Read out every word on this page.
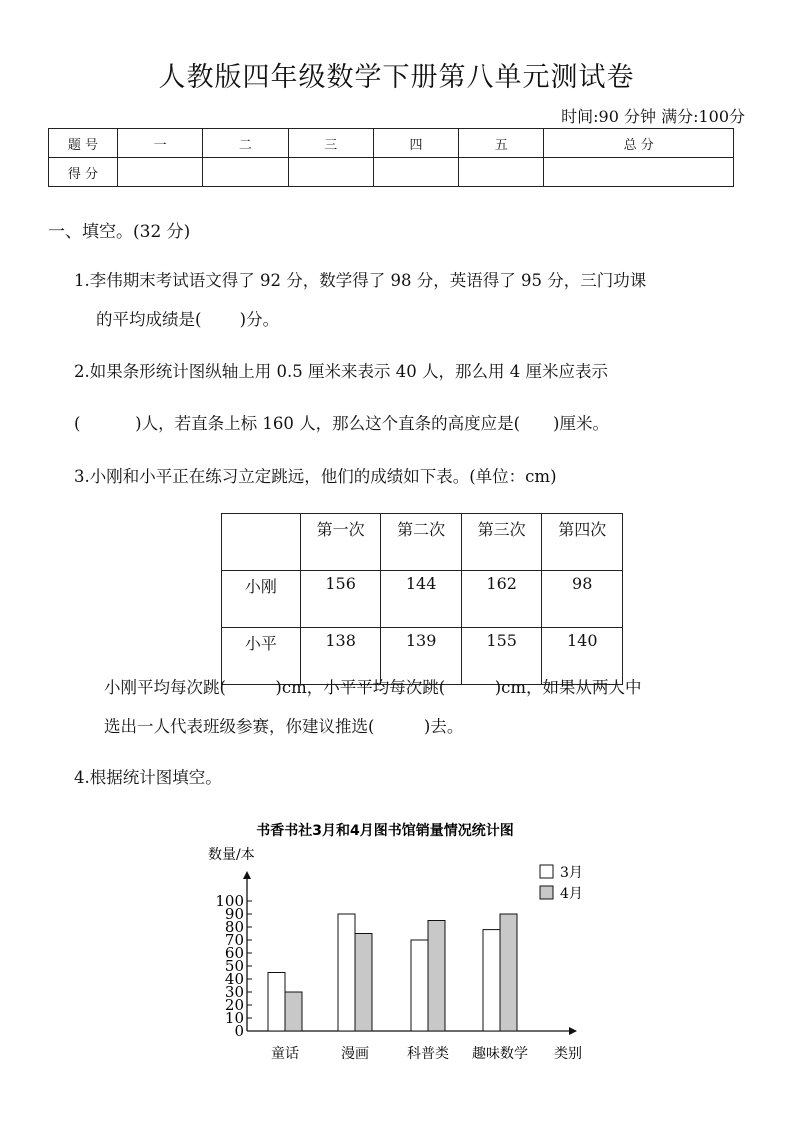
人教版四年级数学下册第八单元测试卷
时间:90 分钟 满分:100分
题 号	一	二	三	四	五	总 分
得 分						
一、填空。(32 分)
1.李伟期末考试语文得了 92 分，数学得了 98 分，英语得了 95 分，三门功课
的平均成绩是(　　 )分。
2.如果条形统计图纵轴上用 0.5 厘米来表示 40 人，那么用 4 厘米应表示
(　　　 )人，若直条上标 160 人，那么这个直条的高度应是(　　)厘米。
3.小刚和小平正在练习立定跳远，他们的成绩如下表。(单位：cm)
	第一次	第二次	第三次	第四次
小刚	156	144	162	98
小平	138	139	155	140
小刚平均每次跳(　　　)cm，小平平均每次跳(　　　)cm，如果从两人中
选出一人代表班级参赛，你建议推选(　　　)去。
4.根据统计图填空。
书香书社3月和4月图书馆销量情况统计图
数量/本
0
10
20
30
40
50
60
70
80
90
100
童话	漫画	科普类 趣味数学 类别
3月
4月
